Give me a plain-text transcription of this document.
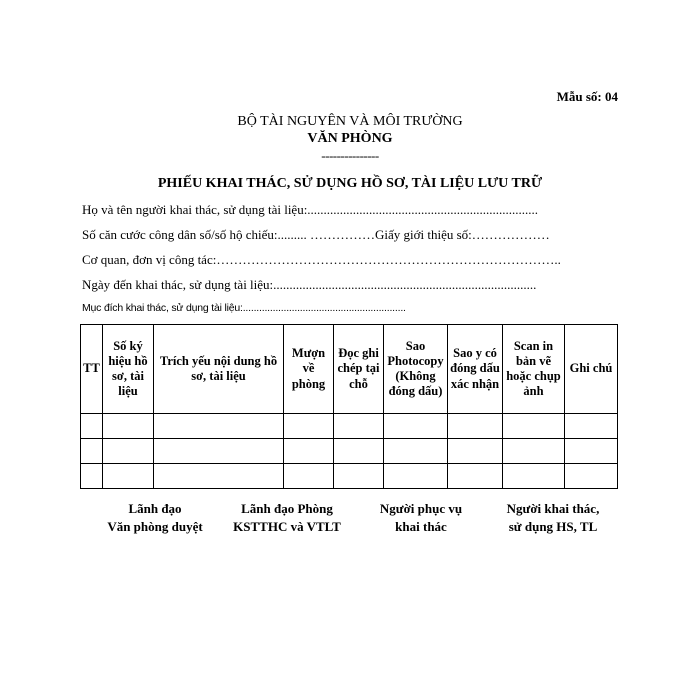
Mẫu số: 04
BỘ TÀI NGUYÊN VÀ MÔI TRƯỜNG
VĂN PHÒNG
---------------
PHIẾU KHAI THÁC, SỬ DỤNG HỒ SƠ, TÀI LIỆU LƯU TRỮ
Họ và tên người khai thác, sử dụng tài liệu:.......................................................................
Số căn cước công dân số/số hộ chiếu:......... ……………Giấy giới thiệu số:………………
Cơ quan, đơn vị công tác:……………………………………………………………………..
Ngày đến khai thác, sử dụng tài liệu:.................................................................................
Mục đích khai thác, sử dụng tài liệu:............................................................
TT	Số ký hiệu hồ sơ, tài liệu	Trích yếu nội dung hồ sơ, tài liệu	Mượn về phòng	Đọc ghi chép tại chỗ	Sao Photocopy (Không đóng dấu)	Sao y có đóng dấu xác nhận	Scan in bản vẽ hoặc chụp ảnh	Ghi chú

Lãnh đạo
Văn phòng duyệt
Lãnh đạo Phòng
KSTTHC và VTLT
Người phục vụ
khai thác
Người khai thác,
sử dụng HS, TL
